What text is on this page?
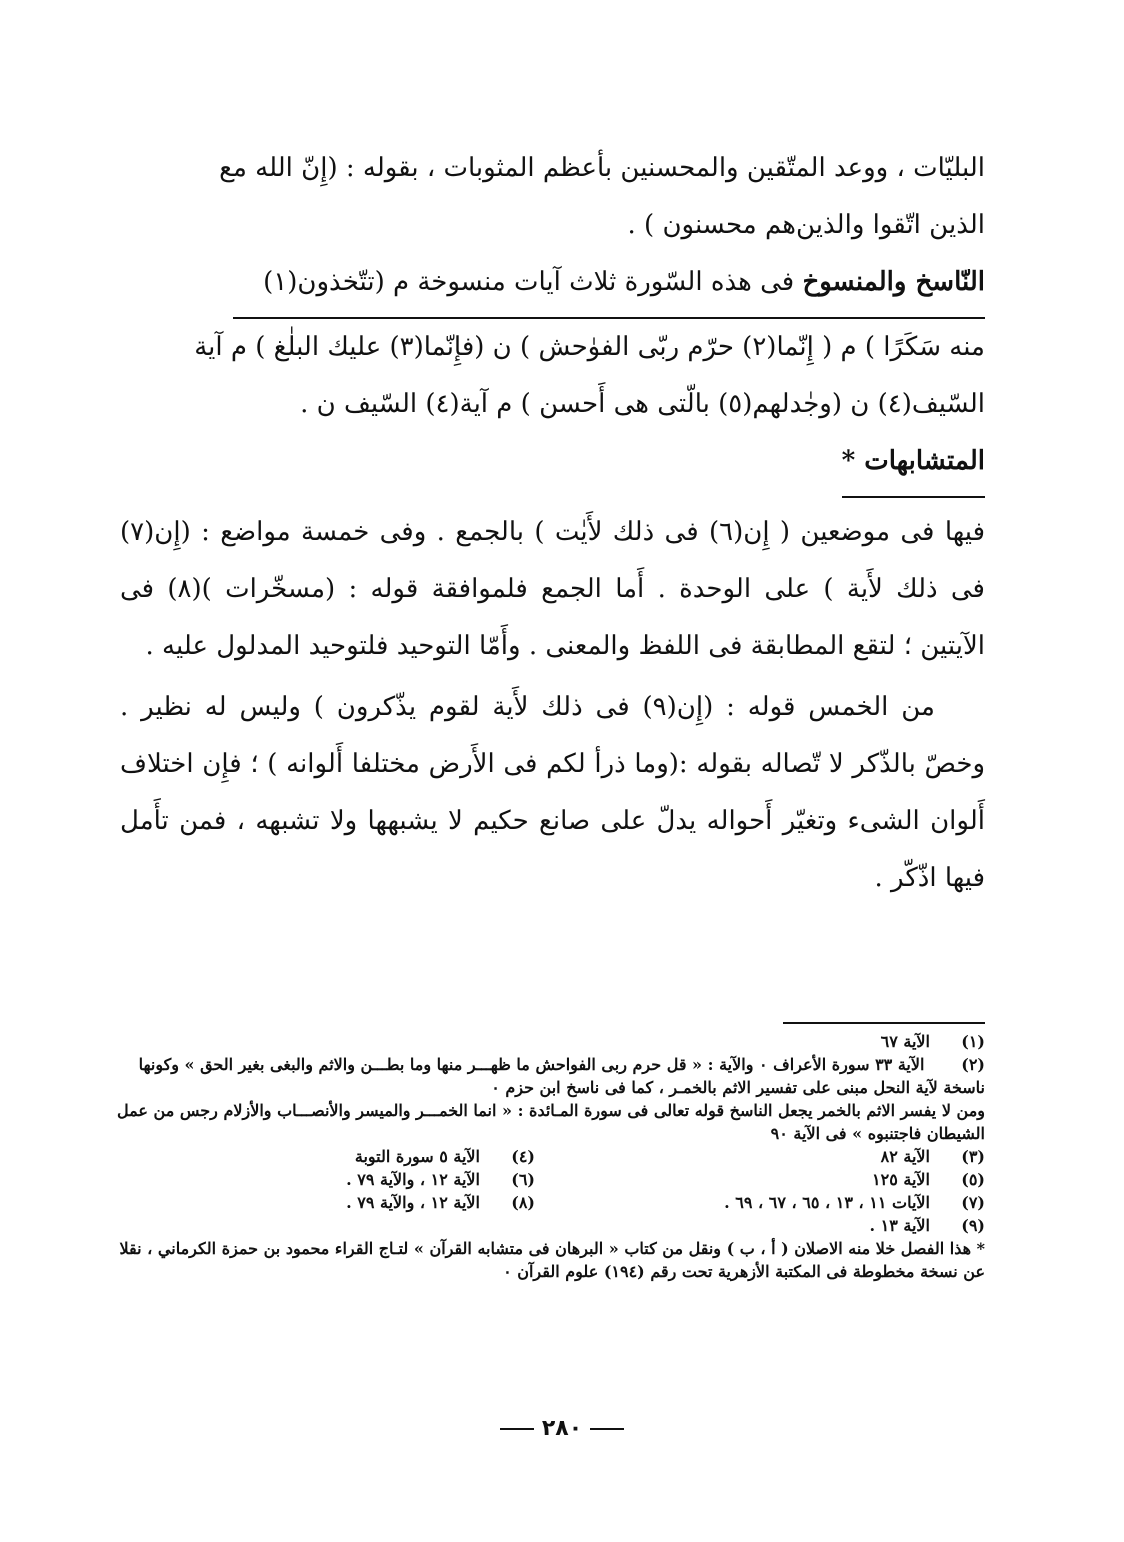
البليّات ، ووعد المتّقين والمحسنين بأعظم المثوبات ، بقوله : (إِنّ الله مع
الذين اتّقوا والذين‌هم محسنون ) .

النّاسخ والمنسوخ فى هذه السّورة ثلاث آيات منسوخة م (تتّخذون(١)
منه سَكَرًا ) م ( إِنّما(٢) حرّم ربّى الفوٰحش ) ن (فإِنّما(٣) عليك البلٰغ ) م آية
السّيف(٤) ن (وجٰدلهم(٥) بالّتى هى أَحسن ) م آية(٤) السّيف ن .

المتشابهات *

فيها فى موضعين ( إِن(٦) فى ذلك لأَيٰت ) بالجمع . وفى خمسة مواضع : (إِن(٧) فى ذلك لأَية ) على الوحدة . أَما الجمع فلموافقة قوله : (مسخّرات )(٨) فى الآيتين ؛ لتقع المطابقة فى اللفظ والمعنى . وأَمّا التوحيد فلتوحيد المدلول عليه .

من الخمس قوله : (إِن(٩) فى ذلك لأَية لقوم يذّكرون ) وليس له نظير . وخصّ بالذّكر لا تّصاله بقوله :(وما ذرأ لكم فى الأَرض مختلفا أَلوانه ) ؛ فإِن اختلاف أَلوان الشىء وتغيّر أَحواله يدلّ على صانع حكيم لا يشبهها ولا تشبهه ، فمن تأَمل فيها اذّكّر .

(١)
الآية ٦٧

(٢) الآية ٣٣ سورة الأعراف ٠ والآية : « قل حرم ربى الفواحش ما ظهـــر منها وما بطـــن والاثم والبغى بغير الحق » وكونها ناسخة لآية النحل مبنى على تفسير الاثم بالخمـر ، كما فى ناسخ ابن حزم ٠

ومن لا يفسر الاثم بالخمر يجعل الناسخ قوله تعالى فى سورة المـائدة : « انما الخمـــر والميسر والأنصـــاب والأزلام رجس من عمل الشيطان فاجتنبوه » فى الآية ٩٠

(٣)
الآية ٨٢
(٤)
الآية ٥ سورة التوبة
(٥)
الآية ١٢٥
(٦)
الآية ١٢ ، والآية ٧٩ .
(٧)
الآيات ١١ ، ١٣ ، ٦٥ ، ٦٧ ، ٦٩ .
(٨)
الآية ١٢ ، والآية ٧٩ .
(٩)
الآية ١٣ .

* هذا الفصل خلا منه الاصلان ( أ ، ب ) ونقل من كتاب « البرهان فى متشابه القرآن » لتـاج القراء محمود بن حمزة الكرماني ، نقلا عن نسخة مخطوطة فى المكتبة الأزهرية تحت رقم (١٩٤) علوم القرآن ٠

٢٨٠
